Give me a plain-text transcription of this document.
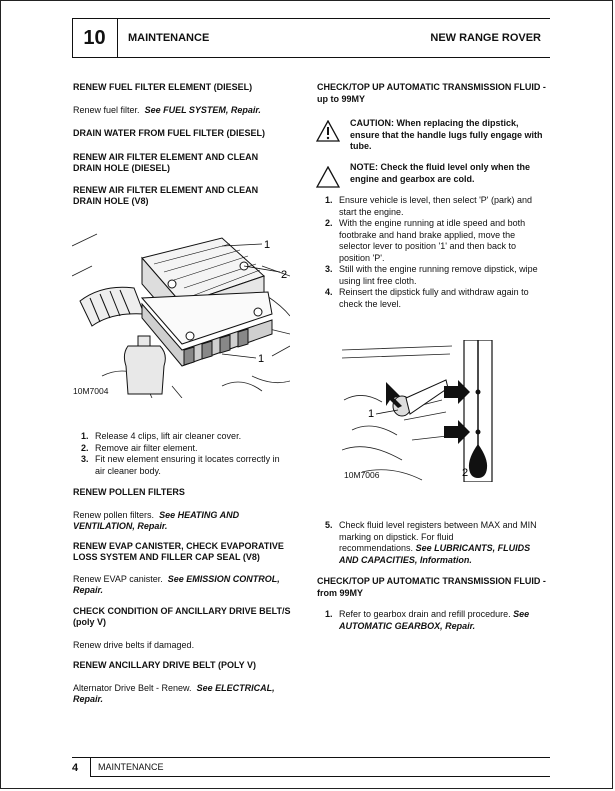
10	MAINTENANCE	NEW RANGE ROVER

RENEW FUEL FILTER ELEMENT (DIESEL)

Renew fuel filter. See FUEL SYSTEM, Repair.

DRAIN WATER FROM FUEL FILTER (DIESEL)

RENEW AIR FILTER ELEMENT AND CLEAN DRAIN HOLE (DIESEL)

RENEW AIR FILTER ELEMENT AND CLEAN DRAIN HOLE (V8)

1
2
1
10M7004
1. Release 4 clips, lift air cleaner cover.
2. Remove air filter element.
3. Fit new element ensuring it locates correctly in air cleaner body.

RENEW POLLEN FILTERS

Renew pollen filters. See HEATING AND VENTILATION, Repair.

RENEW EVAP CANISTER, CHECK EVAPORATIVE LOSS SYSTEM AND FILLER CAP SEAL (V8)

Renew EVAP canister. See EMISSION CONTROL, Repair.

CHECK CONDITION OF ANCILLARY DRIVE BELT/S (poly V)

Renew drive belts if damaged.

RENEW ANCILLARY DRIVE BELT (POLY V)

Alternator Drive Belt - Renew. See ELECTRICAL, Repair.

CHECK/TOP UP AUTOMATIC TRANSMISSION FLUID - up to 99MY

CAUTION: When replacing the dipstick, ensure that the handle lugs fully engage with tube.
NOTE: Check the fluid level only when the engine and gearbox are cold.
1. Ensure vehicle is level, then select 'P' (park) and start the engine.
2. With the engine running at idle speed and both footbrake and hand brake applied, move the selector lever to position '1' and then back to position 'P'.
3. Still with the engine running remove dipstick, wipe using lint free cloth.
4. Reinsert the dipstick fully and withdraw again to check the level.
1
2
10M7006
5. Check fluid level registers between MAX and MIN marking on dipstick. For fluid recommendations. See LUBRICANTS, FLUIDS AND CAPACITIES, Information.

CHECK/TOP UP AUTOMATIC TRANSMISSION FLUID - from 99MY

1. Refer to gearbox drain and refill procedure. See AUTOMATIC GEARBOX, Repair.
4 MAINTENANCE
